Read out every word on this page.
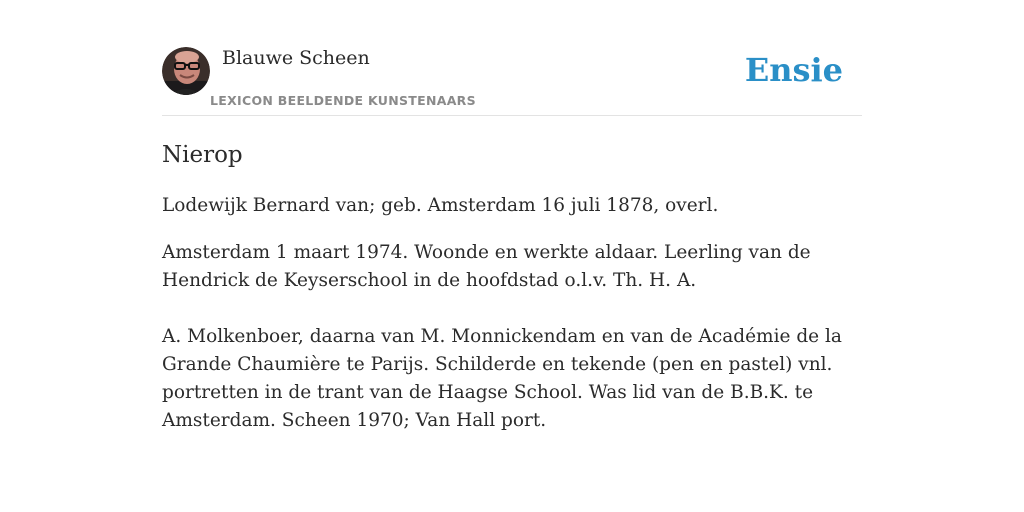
Blauwe Scheen
LEXICON BEELDENDE KUNSTENAARS
Ensie
Nierop

Lodewijk Bernard van; geb. Amsterdam 16 juli 1878, overl.

Amsterdam 1 maart 1974. Woonde en werkte aldaar. Leerling van de Hendrick de Keyserschool in de hoofdstad o.l.v. Th. H. A.

A. Molkenboer, daarna van M. Monnickendam en van de Académie de la Grande Chaumière te Parijs. Schilderde en tekende (pen en pastel) vnl. portretten in de trant van de Haagse School. Was lid van de B.B.K. te Amsterdam. Scheen 1970; Van Hall port.
